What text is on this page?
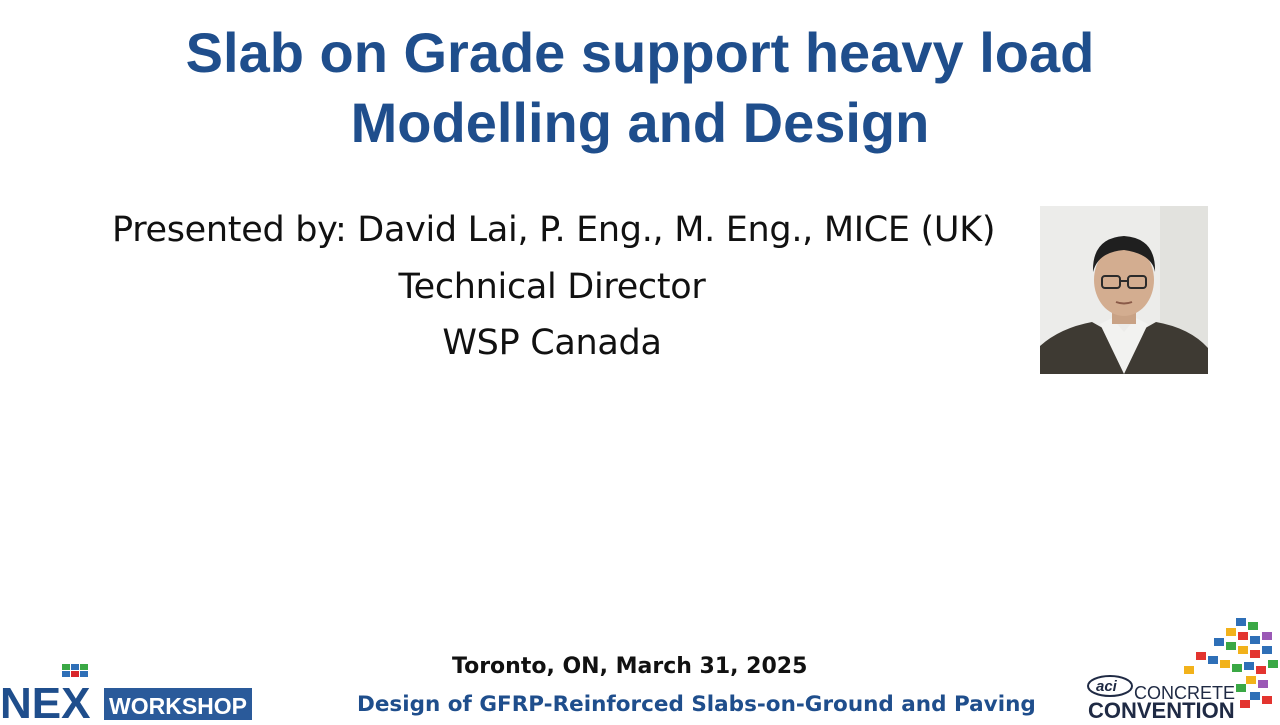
Slab on Grade support heavy load
Modelling and Design
Presented by: David Lai, P. Eng., M. Eng., MICE (UK)
Technical Director
WSP Canada
Toronto, ON, March 31, 2025
Design of GFRP-Reinforced Slabs-on-Ground and Paving
NEX WORKSHOP
aci CONCRETE
CONVENTION
